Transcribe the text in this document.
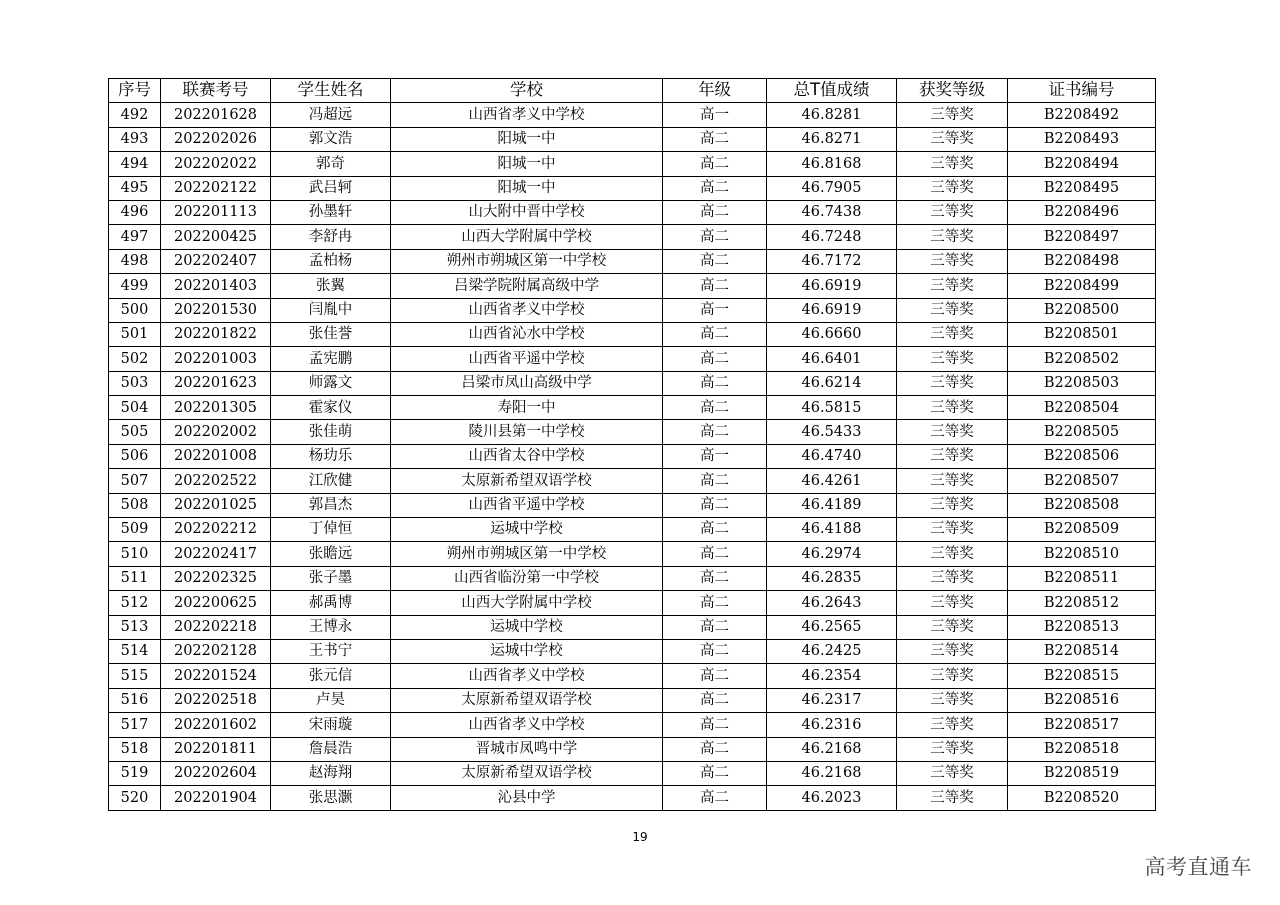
序号	联赛考号	学生姓名	学校	年级	总T值成绩	获奖等级	证书编号
492	202201628	冯超远	山西省孝义中学校	高一	46.8281	三等奖	B2208492
493	202202026	郭文浩	阳城一中	高二	46.8271	三等奖	B2208493
494	202202022	郭奇	阳城一中	高二	46.8168	三等奖	B2208494
495	202202122	武吕轲	阳城一中	高二	46.7905	三等奖	B2208495
496	202201113	孙墨轩	山大附中晋中学校	高二	46.7438	三等奖	B2208496
497	202200425	李舒冉	山西大学附属中学校	高二	46.7248	三等奖	B2208497
498	202202407	孟柏杨	朔州市朔城区第一中学校	高二	46.7172	三等奖	B2208498
499	202201403	张翼	吕梁学院附属高级中学	高二	46.6919	三等奖	B2208499
500	202201530	闫胤中	山西省孝义中学校	高一	46.6919	三等奖	B2208500
501	202201822	张佳誉	山西省沁水中学校	高二	46.6660	三等奖	B2208501
502	202201003	孟宪鹏	山西省平遥中学校	高二	46.6401	三等奖	B2208502
503	202201623	师露文	吕梁市凤山高级中学	高二	46.6214	三等奖	B2208503
504	202201305	霍家仪	寿阳一中	高二	46.5815	三等奖	B2208504
505	202202002	张佳萌	陵川县第一中学校	高二	46.5433	三等奖	B2208505
506	202201008	杨玏乐	山西省太谷中学校	高一	46.4740	三等奖	B2208506
507	202202522	江欣健	太原新希望双语学校	高二	46.4261	三等奖	B2208507
508	202201025	郭昌杰	山西省平遥中学校	高二	46.4189	三等奖	B2208508
509	202202212	丁倬恒	运城中学校	高二	46.4188	三等奖	B2208509
510	202202417	张瞻远	朔州市朔城区第一中学校	高二	46.2974	三等奖	B2208510
511	202202325	张子墨	山西省临汾第一中学校	高二	46.2835	三等奖	B2208511
512	202200625	郝禹博	山西大学附属中学校	高二	46.2643	三等奖	B2208512
513	202202218	王博永	运城中学校	高二	46.2565	三等奖	B2208513
514	202202128	王书宁	运城中学校	高二	46.2425	三等奖	B2208514
515	202201524	张元信	山西省孝义中学校	高二	46.2354	三等奖	B2208515
516	202202518	卢昊	太原新希望双语学校	高二	46.2317	三等奖	B2208516
517	202201602	宋雨璇	山西省孝义中学校	高二	46.2316	三等奖	B2208517
518	202201811	詹晨浩	晋城市凤鸣中学	高二	46.2168	三等奖	B2208518
519	202202604	赵海翔	太原新希望双语学校	高二	46.2168	三等奖	B2208519
520	202201904	张思灏	沁县中学	高二	46.2023	三等奖	B2208520
19
高考直通车
